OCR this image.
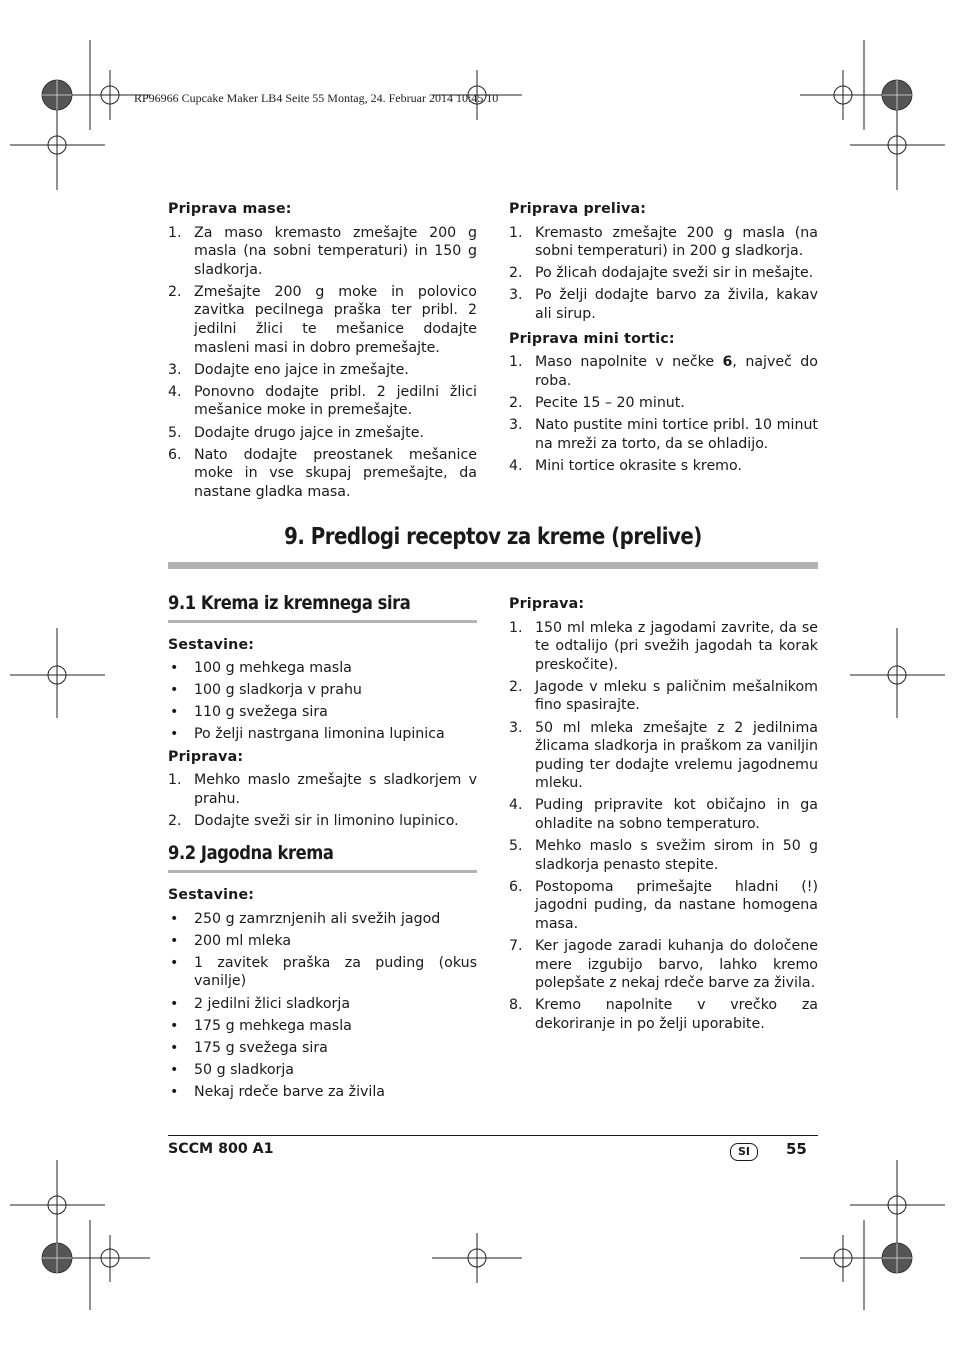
RP96966 Cupcake Maker LB4 Seite 55 Montag, 24. Februar 2014 10:45 10
Priprava mase:
1. Za maso kremasto zmešajte 200 g masla (na sobni temperaturi) in 150 g sladkorja.
2. Zmešajte 200 g moke in polovico zavitka pecilnega praška ter pribl. 2 jedilni žlici te mešanice dodajte masleni masi in dobro premešajte.
3. Dodajte eno jajce in zmešajte.
4. Ponovno dodajte pribl. 2 jedilni žlici mešanice moke in premešajte.
5. Dodajte drugo jajce in zmešajte.
6. Nato dodajte preostanek mešanice moke in vse skupaj premešajte, da nastane gladka masa.
Priprava preliva:
1. Kremasto zmešajte 200 g masla (na sobni temperaturi) in 200 g sladkorja.
2. Po žlicah dodajajte sveži sir in mešajte.
3. Po želji dodajte barvo za živila, kakav ali sirup.
Priprava mini tortic:
1. Maso napolnite v nečke 6, največ do roba.
2. Pecite 15 – 20 minut.
3. Nato pustite mini tortice pribl. 10 minut na mreži za torto, da se ohladijo.
4. Mini tortice okrasite s kremo.
9. Predlogi receptov za kreme (prelive)
9.1 Krema iz kremnega sira
Sestavine:
• 100 g mehkega masla
• 100 g sladkorja v prahu
• 110 g svežega sira
• Po želji nastrgana limonina lupinica
Priprava:
1. Mehko maslo zmešajte s sladkorjem v prahu.
2. Dodajte sveži sir in limonino lupinico.
9.2 Jagodna krema
Sestavine:
• 250 g zamrznjenih ali svežih jagod
• 200 ml mleka
• 1 zavitek praška za puding (okus vanilje)
• 2 jedilni žlici sladkorja
• 175 g mehkega masla
• 175 g svežega sira
• 50 g sladkorja
• Nekaj rdeče barve za živila
Priprava:
1. 150 ml mleka z jagodami zavrite, da se te odtalijo (pri svežih jagodah ta korak preskočite).
2. Jagode v mleku s paličnim mešalnikom fino spasirajte.
3. 50 ml mleka zmešajte z 2 jedilnima žlicama sladkorja in praškom za vaniljin puding ter dodajte vrelemu jagodnemu mleku.
4. Puding pripravite kot običajno in ga ohladite na sobno temperaturo.
5. Mehko maslo s svežim sirom in 50 g sladkorja penasto stepite.
6. Postopoma primešajte hladni (!) jagodni puding, da nastane homogena masa.
7. Ker jagode zaradi kuhanja do določene mere izgubijo barvo, lahko kremo polepšate z nekaj rdeče barve za živila.
8. Kremo napolnite v vrečko za dekoriranje in po želji uporabite.
SCCM 800 A1	SI	55
